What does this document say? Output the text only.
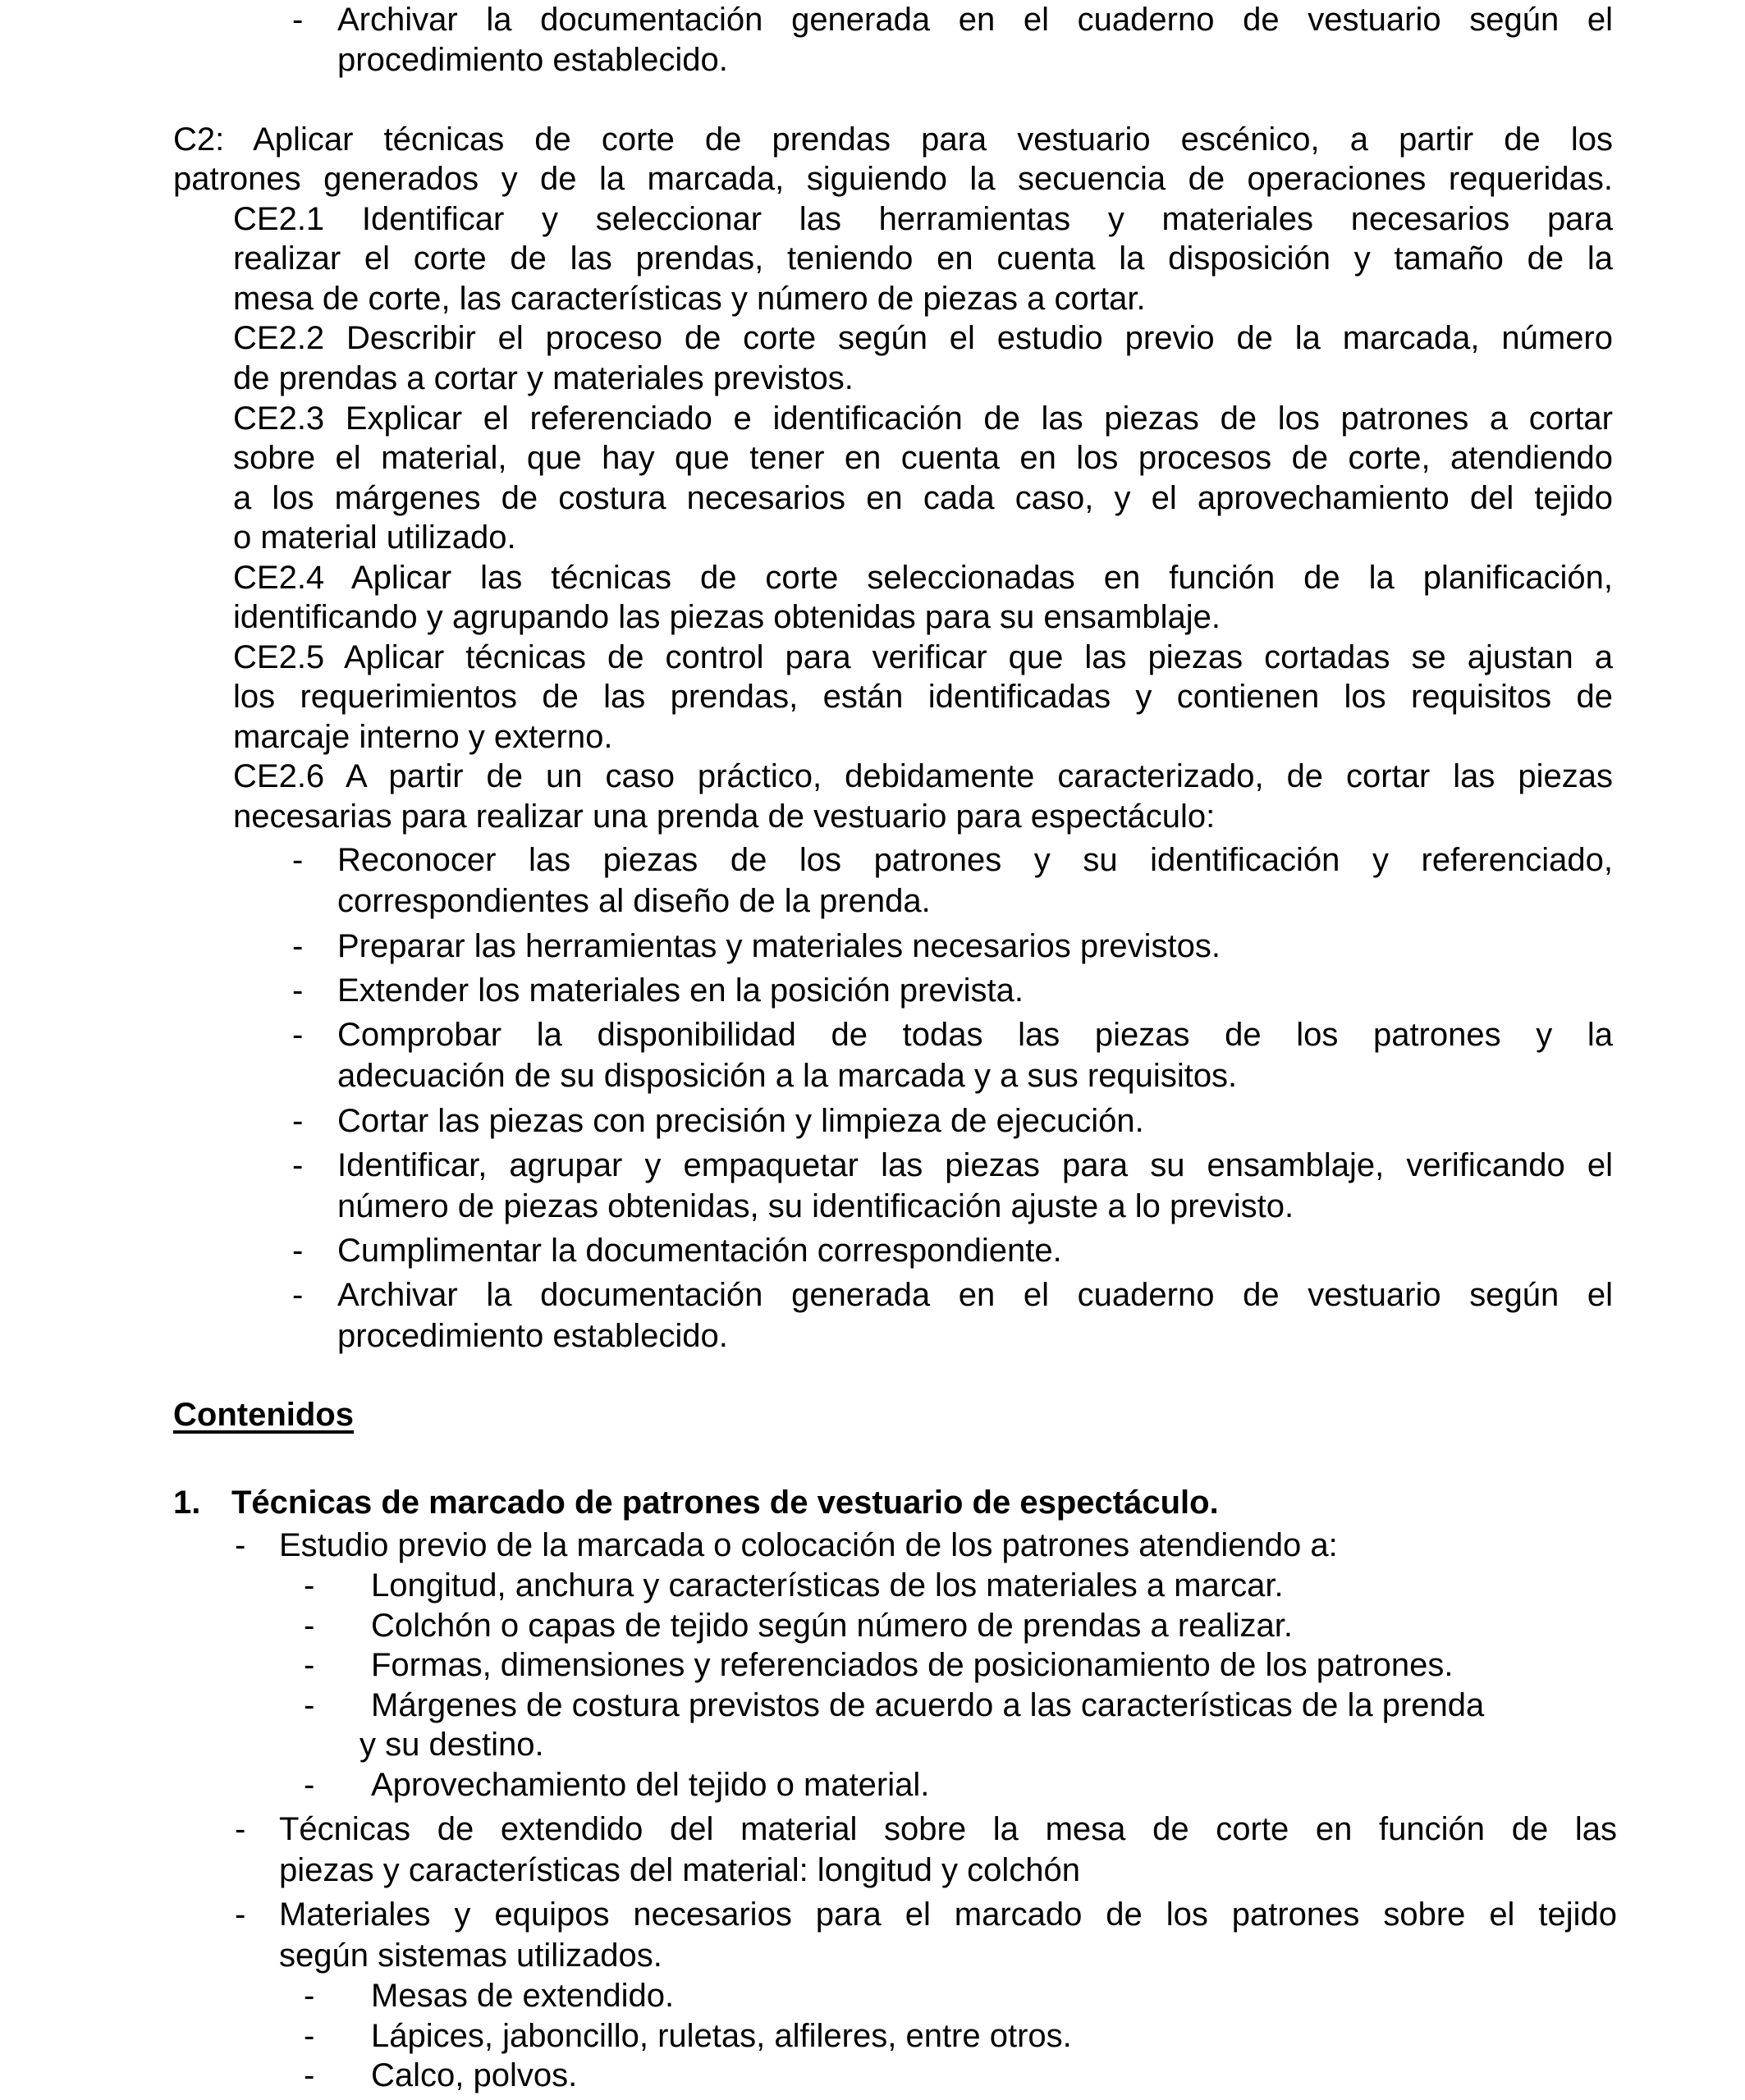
- Archivar la documentación generada en el cuaderno de vestuario según el
procedimiento establecido.
C2: Aplicar técnicas de corte de prendas para vestuario escénico, a partir de los
patrones generados y de la marcada, siguiendo la secuencia de operaciones requeridas.
CE2.1 Identificar y seleccionar las herramientas y materiales necesarios para
realizar el corte de las prendas, teniendo en cuenta la disposición y tamaño de la
mesa de corte, las características y número de piezas a cortar.
CE2.2 Describir el proceso de corte según el estudio previo de la marcada, número
de prendas a cortar y materiales previstos.
CE2.3 Explicar el referenciado e identificación de las piezas de los patrones a cortar
sobre el material, que hay que tener en cuenta en los procesos de corte, atendiendo
a los márgenes de costura necesarios en cada caso, y el aprovechamiento del tejido
o material utilizado.
CE2.4 Aplicar las técnicas de corte seleccionadas en función de la planificación,
identificando y agrupando las piezas obtenidas para su ensamblaje.
CE2.5 Aplicar técnicas de control para verificar que las piezas cortadas se ajustan a
los requerimientos de las prendas, están identificadas y contienen los requisitos de
marcaje interno y externo.
CE2.6 A partir de un caso práctico, debidamente caracterizado, de cortar las piezas
necesarias para realizar una prenda de vestuario para espectáculo:
- Reconocer las piezas de los patrones y su identificación y referenciado,
correspondientes al diseño de la prenda.
- Preparar las herramientas y materiales necesarios previstos.
- Extender los materiales en la posición prevista.
- Comprobar la disponibilidad de todas las piezas de los patrones y la
adecuación de su disposición a la marcada y a sus requisitos.
- Cortar las piezas con precisión y limpieza de ejecución.
- Identificar, agrupar y empaquetar las piezas para su ensamblaje, verificando el
número de piezas obtenidas, su identificación ajuste a lo previsto.
- Cumplimentar la documentación correspondiente.
- Archivar la documentación generada en el cuaderno de vestuario según el
procedimiento establecido.
Contenidos
1. Técnicas de marcado de patrones de vestuario de espectáculo.
- Estudio previo de la marcada o colocación de los patrones atendiendo a:
- Longitud, anchura y características de los materiales a marcar.
- Colchón o capas de tejido según número de prendas a realizar.
- Formas, dimensiones y referenciados de posicionamiento de los patrones.
- Márgenes de costura previstos de acuerdo a las características de la prenda
y su destino.
- Aprovechamiento del tejido o material.
- Técnicas de extendido del material sobre la mesa de corte en función de las
piezas y características del material: longitud y colchón
- Materiales y equipos necesarios para el marcado de los patrones sobre el tejido
según sistemas utilizados.
- Mesas de extendido.
- Lápices, jaboncillo, ruletas, alfileres, entre otros.
- Calco, polvos.
